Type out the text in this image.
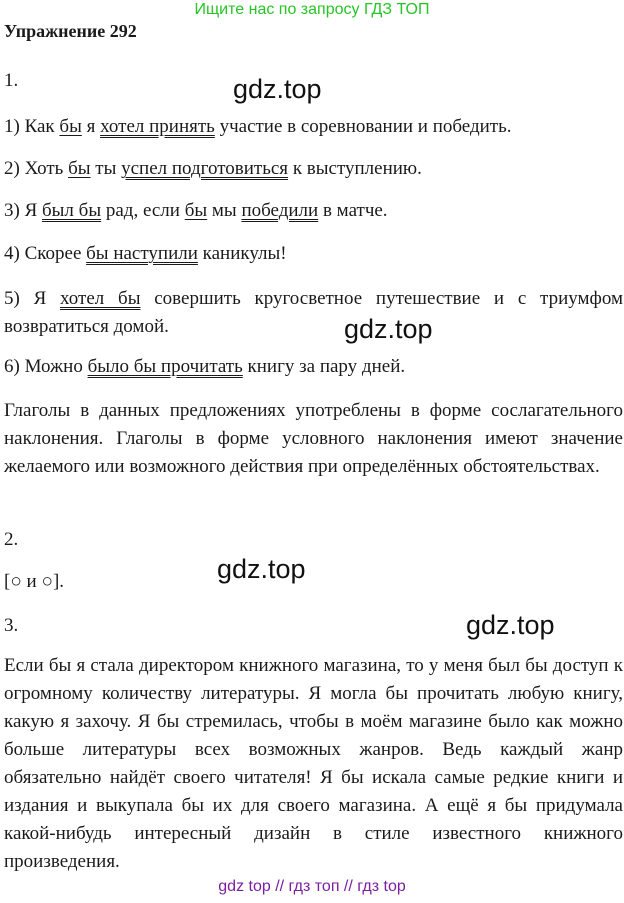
Ищите нас по запросу ГДЗ ТОП
Упражнение 292
1.
1) Как бы я хотел принять участие в соревновании и победить.
2) Хоть бы ты успел подготовиться к выступлению.
3) Я был бы рад, если бы мы победили в матче.
4) Скорее бы наступили каникулы!
5) Я хотел бы совершить кругосветное путешествие и с триумфом возвратиться домой.
6) Можно было бы прочитать книгу за пару дней.
Глаголы в данных предложениях употреблены в форме сослагательного наклонения. Глаголы в форме условного наклонения имеют значение желаемого или возможного действия при определённых обстоятельствах.
2.
[○ и ○].
3.
Если бы я стала директором книжного магазина, то у меня был бы доступ к огромному количеству литературы. Я могла бы прочитать любую книгу, какую я захочу. Я бы стремилась, чтобы в моём магазине было как можно больше литературы всех возможных жанров. Ведь каждый жанр обязательно найдёт своего читателя! Я бы искала самые редкие книги и издания и выкупала бы их для своего магазина. А ещё я бы придумала какой-нибудь интересный дизайн в стиле известного книжного произведения.
gdz.top
gdz.top
gdz.top
gdz.top
gdz top // гдз топ // гдз top
